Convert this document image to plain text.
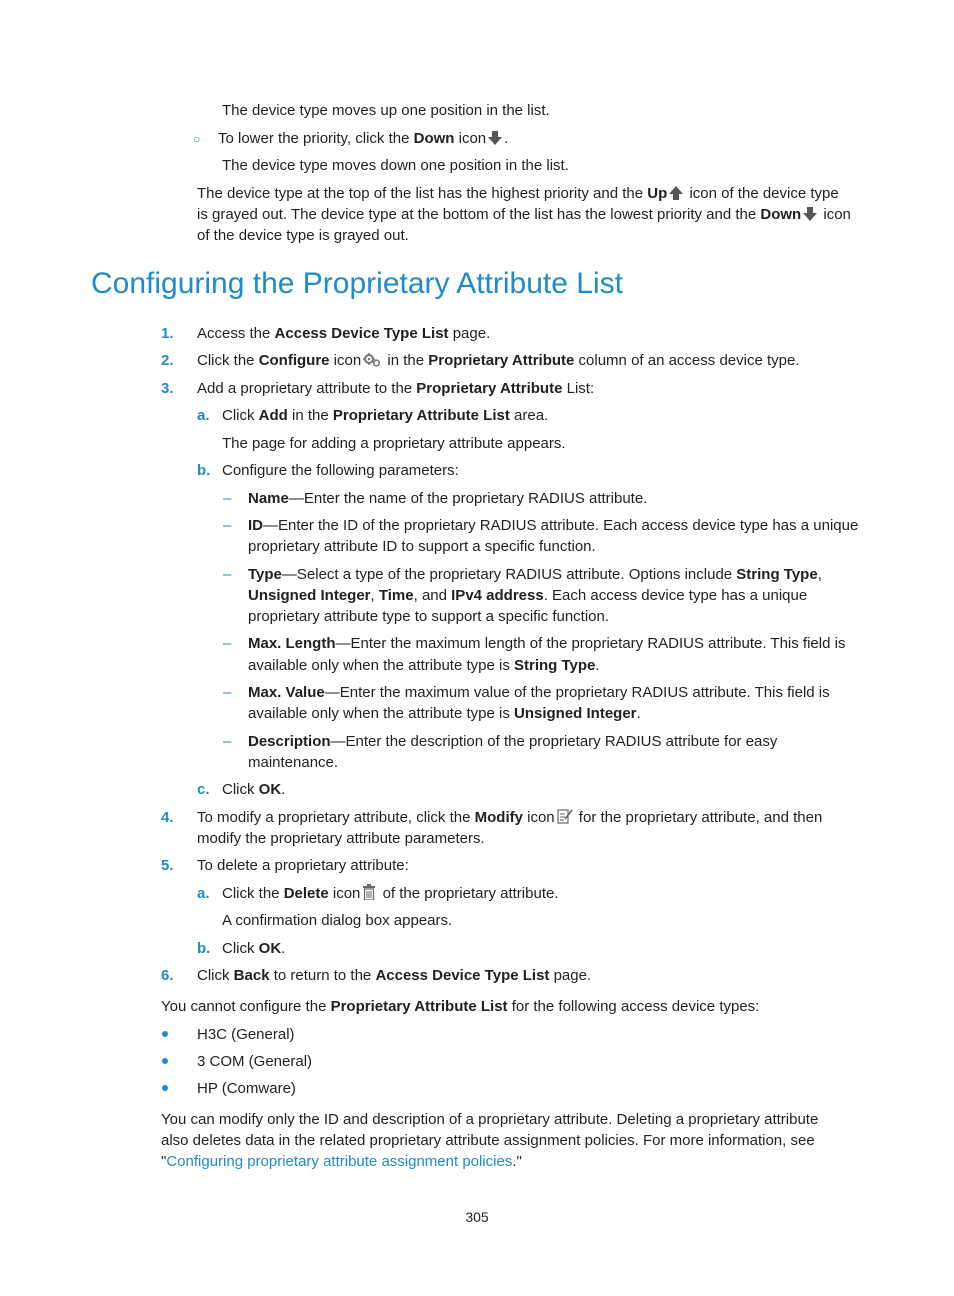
The device type moves up one position in the list.
○ To lower the priority, click the Down icon .
The device type moves down one position in the list.
The device type at the top of the list has the highest priority and the Up icon of the device type
is grayed out. The device type at the bottom of the list has the lowest priority and the Down icon
of the device type is grayed out.
Configuring the Proprietary Attribute List
1. Access the Access Device Type List page.
2. Click the Configure icon in the Proprietary Attribute column of an access device type.
3. Add a proprietary attribute to the Proprietary Attribute List:
a. Click Add in the Proprietary Attribute List area.
The page for adding a proprietary attribute appears.
b. Configure the following parameters:
– Name—Enter the name of the proprietary RADIUS attribute.
– ID—Enter the ID of the proprietary RADIUS attribute. Each access device type has a unique
proprietary attribute ID to support a specific function.
– Type—Select a type of the proprietary RADIUS attribute. Options include String Type,
Unsigned Integer, Time, and IPv4 address. Each access device type has a unique
proprietary attribute type to support a specific function.
– Max. Length—Enter the maximum length of the proprietary RADIUS attribute. This field is
available only when the attribute type is String Type.
– Max. Value—Enter the maximum value of the proprietary RADIUS attribute. This field is
available only when the attribute type is Unsigned Integer.
– Description—Enter the description of the proprietary RADIUS attribute for easy
maintenance.
c. Click OK.
4. To modify a proprietary attribute, click the Modify icon for the proprietary attribute, and then
modify the proprietary attribute parameters.
5. To delete a proprietary attribute:
a. Click the Delete icon of the proprietary attribute.
A confirmation dialog box appears.
b. Click OK.
6. Click Back to return to the Access Device Type List page.
You cannot configure the Proprietary Attribute List for the following access device types:
H3C (General)
3 COM (General)
HP (Comware)
You can modify only the ID and description of a proprietary attribute. Deleting a proprietary attribute
also deletes data in the related proprietary attribute assignment policies. For more information, see
"Configuring proprietary attribute assignment policies."
305
